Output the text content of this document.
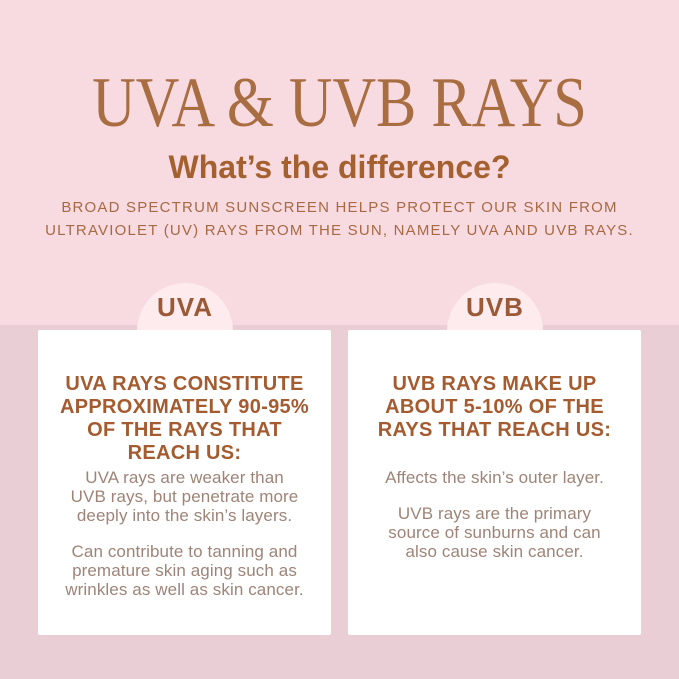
UVA & UVB RAYS
What’s the difference?

BROAD SPECTRUM SUNSCREEN HELPS PROTECT OUR SKIN FROM
ULTRAVIOLET (UV) RAYS FROM THE SUN, NAMELY UVA AND UVB RAYS.

UVA	UVB
UVA RAYS CONSTITUTE
APPROXIMATELY 90-95%
OF THE RAYS THAT
REACH US:

UVA rays are weaker than
UVB rays, but penetrate more
deeply into the skin’s layers.

Can contribute to tanning and
premature skin aging such as
wrinkles as well as skin cancer.

UVB RAYS MAKE UP
ABOUT 5-10% OF THE
RAYS THAT REACH US:

Affects the skin’s outer layer.

UVB rays are the primary
source of sunburns and can
also cause skin cancer.
